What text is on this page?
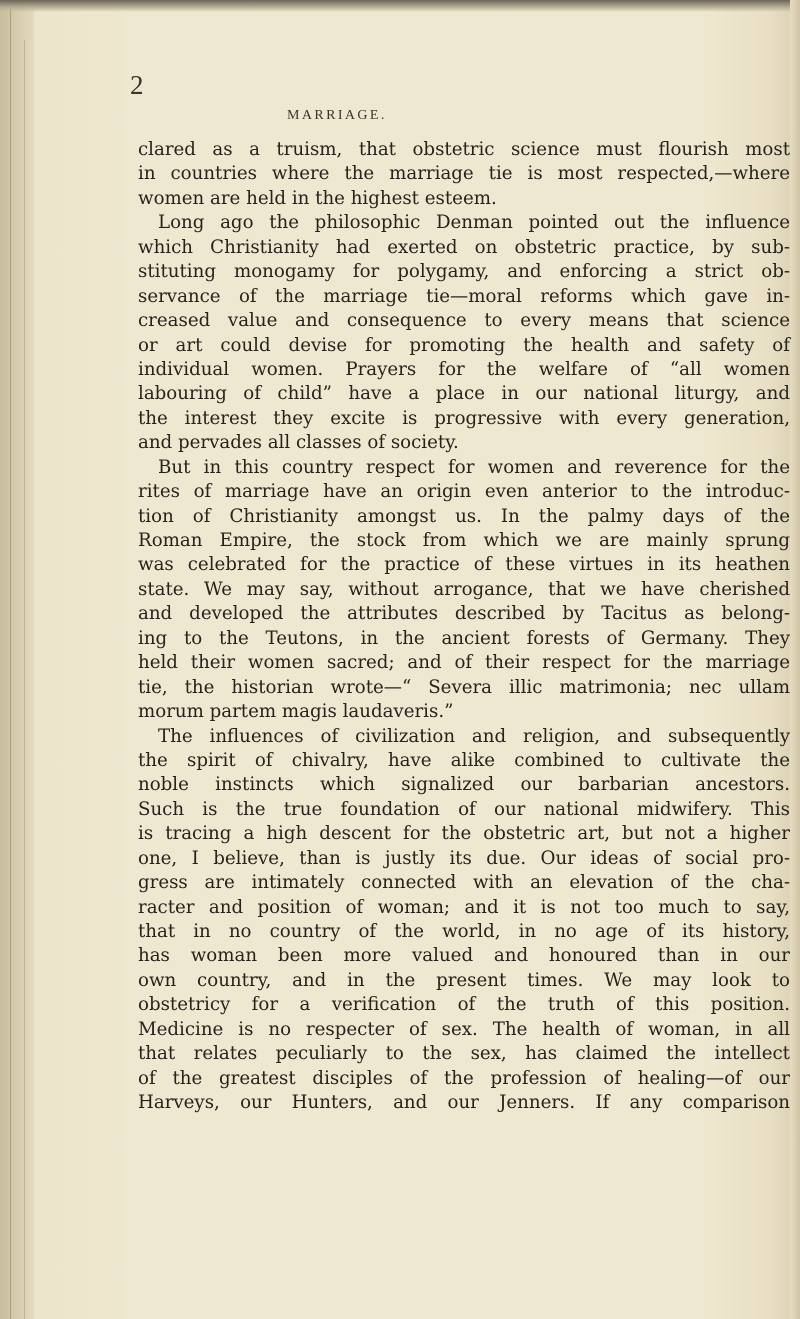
2
MARRIAGE.
clared as a truism, that obstetric science must flourish most
in countries where the marriage tie is most respected,—where
women are held in the highest esteem.
Long ago the philosophic Denman pointed out the influence
which Christianity had exerted on obstetric practice, by sub-
stituting monogamy for polygamy, and enforcing a strict ob-
servance of the marriage tie—moral reforms which gave in-
creased value and consequence to every means that science
or art could devise for promoting the health and safety of
individual women. Prayers for the welfare of “all women
labouring of child” have a place in our national liturgy, and
the interest they excite is progressive with every generation,
and pervades all classes of society.
But in this country respect for women and reverence for the
rites of marriage have an origin even anterior to the introduc-
tion of Christianity amongst us. In the palmy days of the
Roman Empire, the stock from which we are mainly sprung
was celebrated for the practice of these virtues in its heathen
state. We may say, without arrogance, that we have cherished
and developed the attributes described by Tacitus as belong-
ing to the Teutons, in the ancient forests of Germany. They
held their women sacred; and of their respect for the marriage
tie, the historian wrote—“ Severa illic matrimonia; nec ullam
morum partem magis laudaveris.”
The influences of civilization and religion, and subsequently
the spirit of chivalry, have alike combined to cultivate the
noble instincts which signalized our barbarian ancestors.
Such is the true foundation of our national midwifery. This
is tracing a high descent for the obstetric art, but not a higher
one, I believe, than is justly its due. Our ideas of social pro-
gress are intimately connected with an elevation of the cha-
racter and position of woman; and it is not too much to say,
that in no country of the world, in no age of its history,
has woman been more valued and honoured than in our
own country, and in the present times. We may look to
obstetricy for a verification of the truth of this position.
Medicine is no respecter of sex. The health of woman, in all
that relates peculiarly to the sex, has claimed the intellect
of the greatest disciples of the profession of healing—of our
Harveys, our Hunters, and our Jenners. If any comparison
